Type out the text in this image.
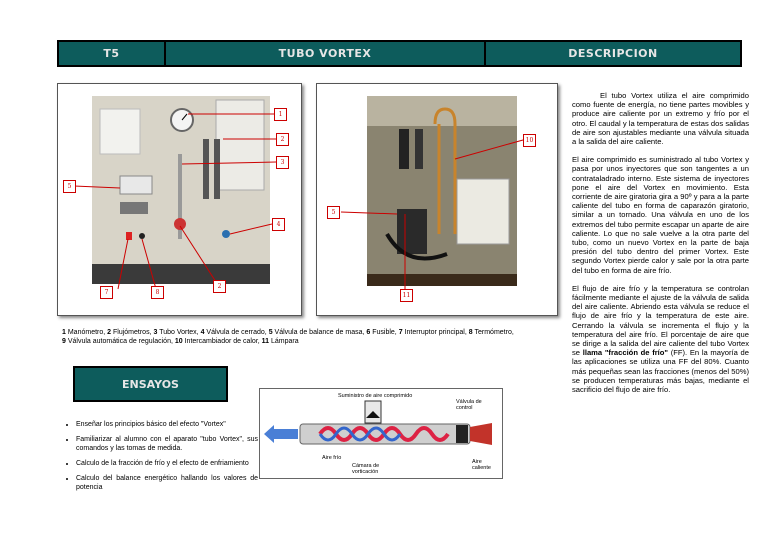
T5	TUBO VORTEX	DESCRIPCION
1
2
3
4
5
7	8
2
5
10
11
1 Manómetro, 2 Flujómetros, 3 Tubo Vortex, 4 Válvula de cerrado, 5 Válvula de balance de masa, 6 Fusible, 7 Interruptor principal, 8 Termómetro, 9 Válvula automática de regulación, 10 Intercambiador de calor, 11 Lámpara
ENSAYOS
• Enseñar los principios básico del efecto "Vortex"
• Familiarizar al alumno con el aparato "tubo Vortex", sus comandos y las tomas de medida.
• Calculo de la fracción de frío y el efecto de enfriamiento
• Calculo del balance energético hallando los valores de potencia
Suministro de aire comprimido
Válvula de control
Aire frío
Cámara de vorticación
Aire caliente

El tubo Vortex utiliza el aire comprimido como fuente de energía, no tiene partes movibles y produce aire caliente por un extremo y frío por el otro. El caudal y la temperatura de estas dos salidas de aire son ajustables mediante una válvula situada a la salida del aire caliente.

El aire comprimido es suministrado al tubo Vortex y pasa por unos inyectores que son tangentes a un contrataladrado interno. Este sistema de inyectores pone el aire del Vortex en movimiento. Esta corriente de aire giratoria gira a 90º y para a la parte caliente del tubo en forma de caparazón giratorio, similar a un tornado. Una válvula en uno de los extremos del tubo permite escapar un aparte de aire caliente. Lo que no sale vuelve a la otra parte del tubo, como un nuevo Vortex en la parte de baja presión del tubo dentro del primer Vortex. Este segundo Vortex pierde calor y sale por la otra parte del tubo en forma de aire frío.

El flujo de aire frío y la temperatura se controlan fácilmente mediante el ajuste de la válvula de salida del aire caliente. Abriendo esta válvula se reduce el flujo de aire frío y la temperatura de este aire. Cerrando la válvula se incrementa el flujo y la temperatura del aire frío. El porcentaje de aire que se dirige a la salida del aire caliente del tubo Vortex se llama "fracción de frío" (FF). En la mayoría de las aplicaciones se utiliza una FF del 80%. Cuanto más pequeñas sean las fracciones (menos del 50%) se producen temperaturas más bajas, mediante el sacrificio del flujo de aire frío.
